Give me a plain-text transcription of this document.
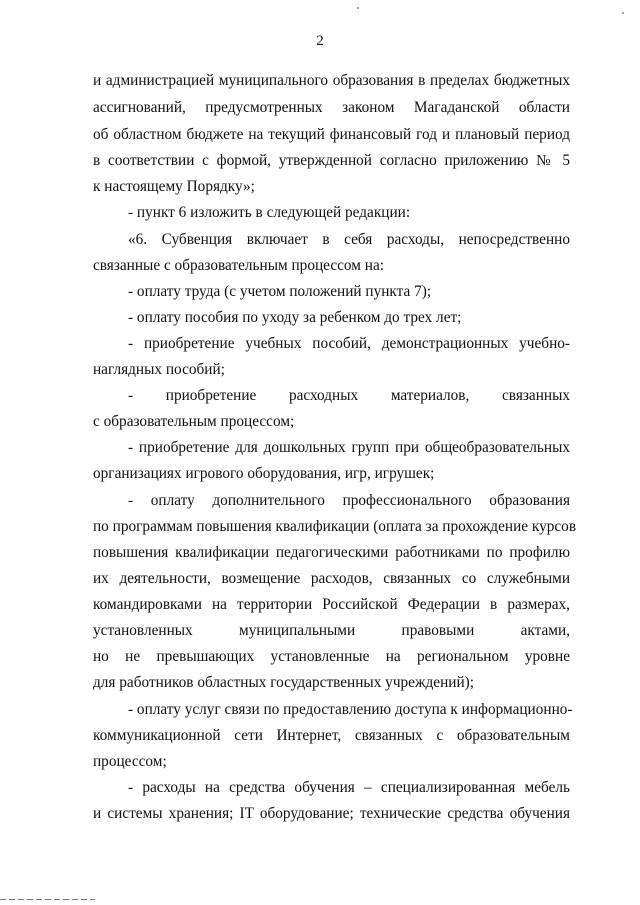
2
и администрацией муниципального образования в пределах бюджетных
ассигнований, предусмотренных законом Магаданской области
об областном бюджете на текущий финансовый год и плановый период
в соответствии с формой, утвержденной согласно приложению № 5
к настоящему Порядку»;
- пункт 6 изложить в следующей редакции:
«6. Субвенция включает в себя расходы, непосредственно
связанные с образовательным процессом на:
- оплату труда (с учетом положений пункта 7);
- оплату пособия по уходу за ребенком до трех лет;
- приобретение учебных пособий, демонстрационных учебно-
наглядных пособий;
- приобретение расходных материалов, связанных
с образовательным процессом;
- приобретение для дошкольных групп при общеобразовательных
организациях игрового оборудования, игр, игрушек;
- оплату дополнительного профессионального образования
по программам повышения квалификации (оплата за прохождение курсов
повышения квалификации педагогическими работниками по профилю
их деятельности, возмещение расходов, связанных со служебными
командировками на территории Российской Федерации в размерах,
установленных муниципальными правовыми актами,
но не превышающих установленные на региональном уровне
для работников областных государственных учреждений);
- оплату услуг связи по предоставлению доступа к информационно-
коммуникационной сети Интернет, связанных с образовательным
процессом;
- расходы на средства обучения – специализированная мебель
и системы хранения; IT оборудование; технические средства обучения
